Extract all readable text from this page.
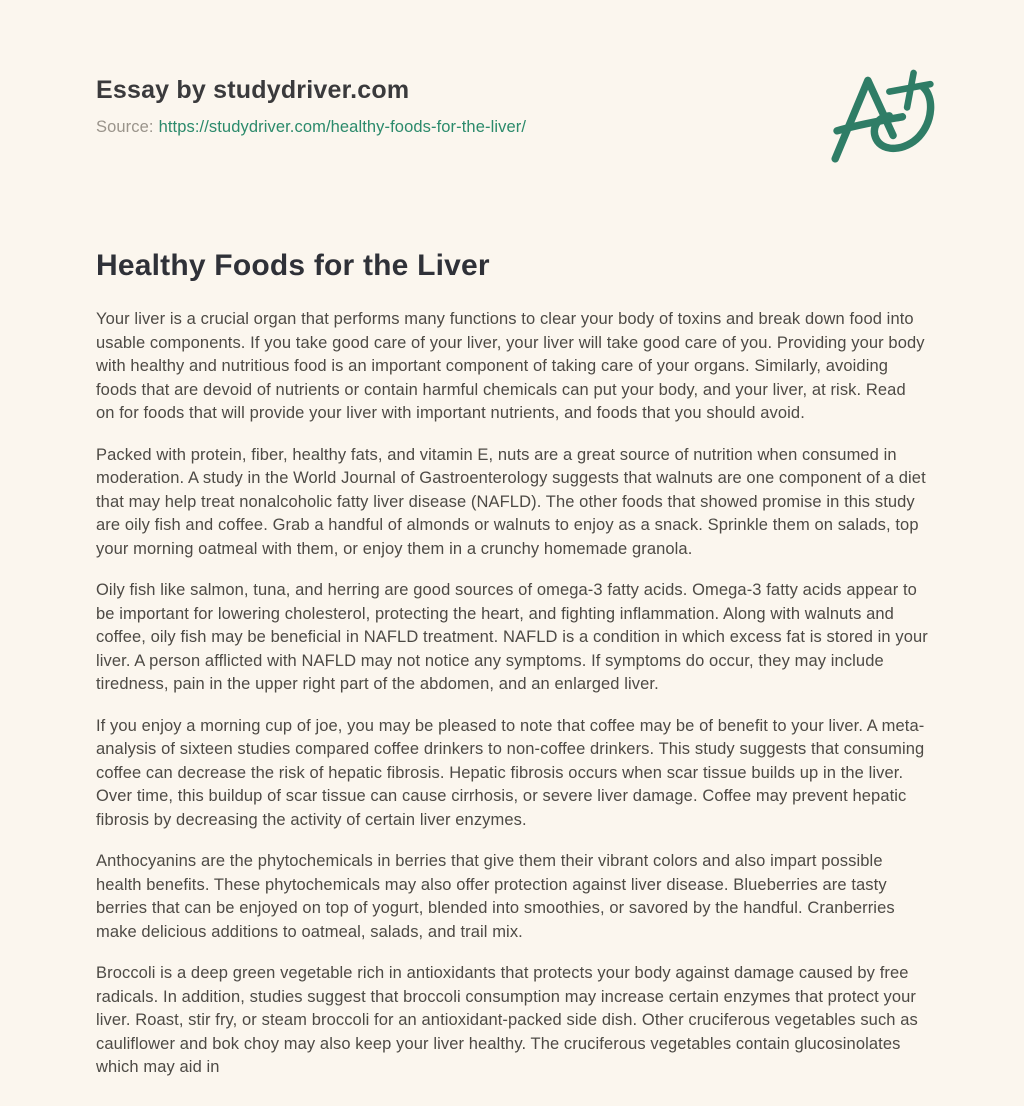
Essay by studydriver.com
Source: https://studydriver.com/healthy-foods-for-the-liver/
Healthy Foods for the Liver

Your liver is a crucial organ that performs many functions to clear your body of toxins and break down food into usable components. If you take good care of your liver, your liver will take good care of you. Providing your body with healthy and nutritious food is an important component of taking care of your organs. Similarly, avoiding foods that are devoid of nutrients or contain harmful chemicals can put your body, and your liver, at risk. Read on for foods that will provide your liver with important nutrients, and foods that you should avoid.

Packed with protein, fiber, healthy fats, and vitamin E, nuts are a great source of nutrition when consumed in moderation. A study in the World Journal of Gastroenterology suggests that walnuts are one component of a diet that may help treat nonalcoholic fatty liver disease (NAFLD). The other foods that showed promise in this study are oily fish and coffee. Grab a handful of almonds or walnuts to enjoy as a snack. Sprinkle them on salads, top your morning oatmeal with them, or enjoy them in a crunchy homemade granola.

Oily fish like salmon, tuna, and herring are good sources of omega-3 fatty acids. Omega-3 fatty acids appear to be important for lowering cholesterol, protecting the heart, and fighting inflammation. Along with walnuts and coffee, oily fish may be beneficial in NAFLD treatment. NAFLD is a condition in which excess fat is stored in your liver. A person afflicted with NAFLD may not notice any symptoms. If symptoms do occur, they may include tiredness, pain in the upper right part of the abdomen, and an enlarged liver.

If you enjoy a morning cup of joe, you may be pleased to note that coffee may be of benefit to your liver. A meta-analysis of sixteen studies compared coffee drinkers to non-coffee drinkers. This study suggests that consuming coffee can decrease the risk of hepatic fibrosis. Hepatic fibrosis occurs when scar tissue builds up in the liver. Over time, this buildup of scar tissue can cause cirrhosis, or severe liver damage. Coffee may prevent hepatic fibrosis by decreasing the activity of certain liver enzymes.

Anthocyanins are the phytochemicals in berries that give them their vibrant colors and also impart possible health benefits. These phytochemicals may also offer protection against liver disease. Blueberries are tasty berries that can be enjoyed on top of yogurt, blended into smoothies, or savored by the handful. Cranberries make delicious additions to oatmeal, salads, and trail mix.

Broccoli is a deep green vegetable rich in antioxidants that protects your body against damage caused by free radicals. In addition, studies suggest that broccoli consumption may increase certain enzymes that protect your liver. Roast, stir fry, or steam broccoli for an antioxidant-packed side dish. Other cruciferous vegetables such as cauliflower and bok choy may also keep your liver healthy. The cruciferous vegetables contain glucosinolates which may aid in
